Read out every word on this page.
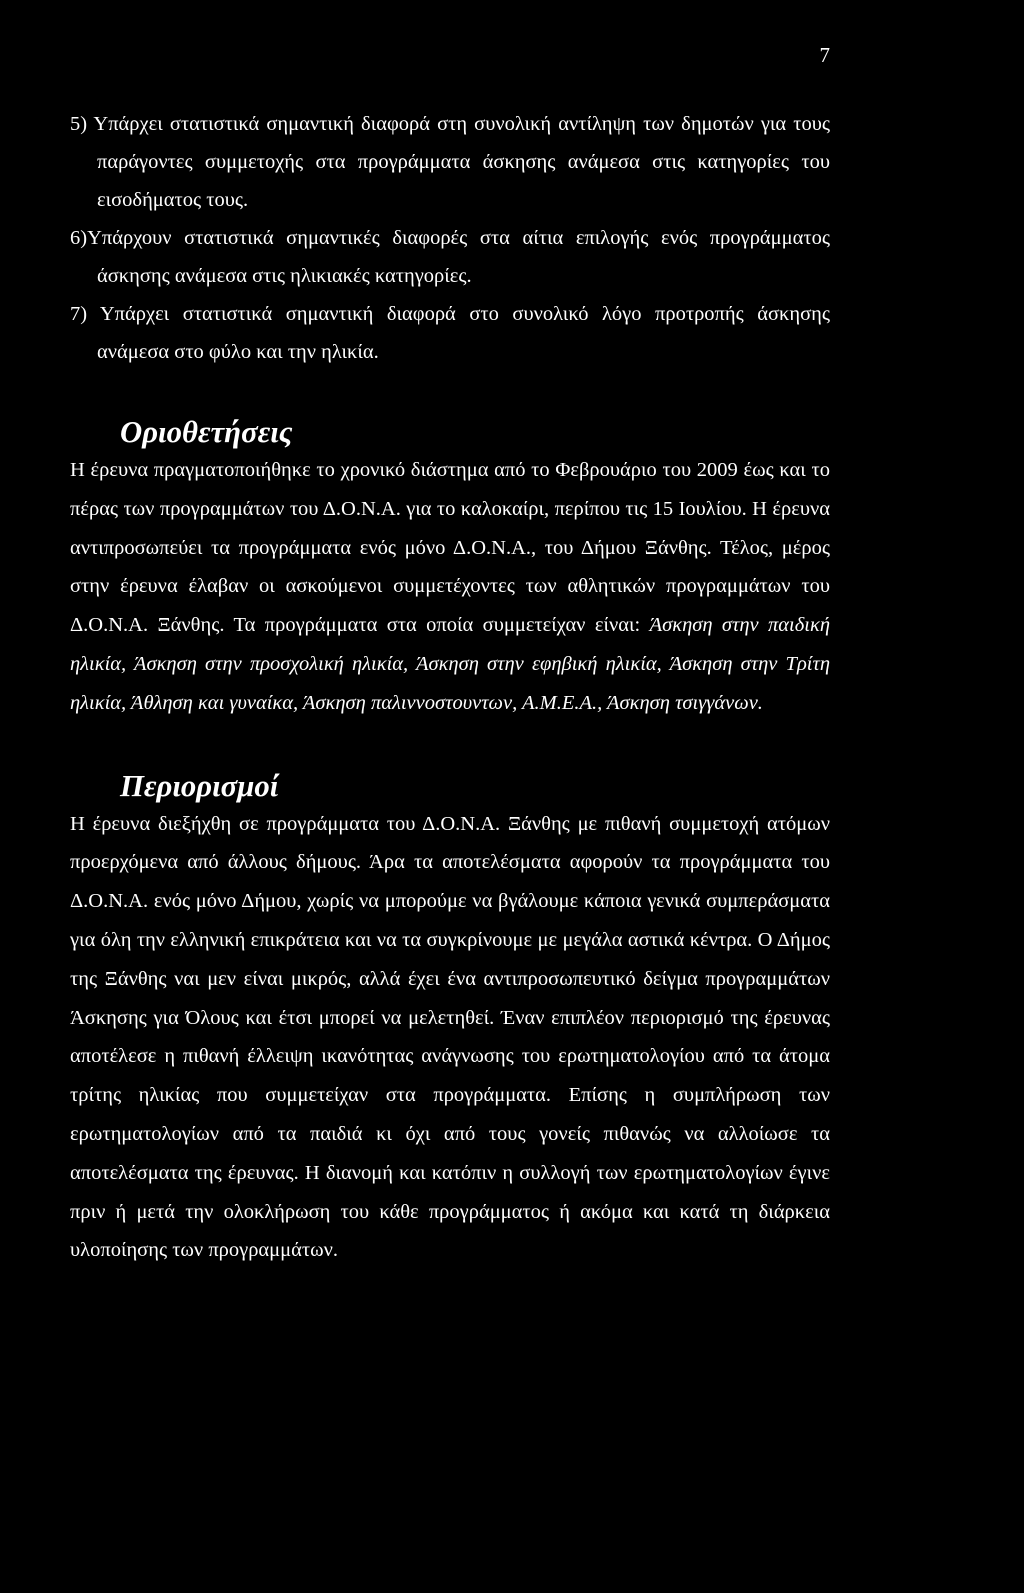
7

5) Υπάρχει στατιστικά σημαντική διαφορά στη συνολική αντίληψη των δημοτών για τους παράγοντες συμμετοχής στα προγράμματα άσκησης ανάμεσα στις κατηγορίες του εισοδήματος τους.

6)Υπάρχουν στατιστικά σημαντικές διαφορές στα αίτια επιλογής ενός προγράμματος άσκησης ανάμεσα στις ηλικιακές κατηγορίες.

7) Υπάρχει στατιστικά σημαντική διαφορά στο συνολικό λόγο προτροπής άσκησης ανάμεσα στο φύλο και την ηλικία.

Οριοθετήσεις

Η έρευνα πραγματοποιήθηκε το χρονικό διάστημα από το Φεβρουάριο του 2009 έως και το πέρας των προγραμμάτων του Δ.Ο.Ν.Α. για το καλοκαίρι, περίπου τις 15 Ιουλίου. Η έρευνα αντιπροσωπεύει τα προγράμματα ενός μόνο Δ.Ο.Ν.Α., του Δήμου Ξάνθης. Τέλος, μέρος στην έρευνα έλαβαν οι ασκούμενοι συμμετέχοντες των αθλητικών προγραμμάτων του Δ.Ο.Ν.Α. Ξάνθης. Τα προγράμματα στα οποία συμμετείχαν είναι: Άσκηση στην παιδική ηλικία, Άσκηση στην προσχολική ηλικία, Άσκηση στην εφηβική ηλικία, Άσκηση στην Τρίτη ηλικία, Άθληση και γυναίκα, Άσκηση παλιννοστουντων, Α.Μ.Ε.Α., Άσκηση τσιγγάνων.

Περιορισμοί

Η έρευνα διεξήχθη σε προγράμματα του Δ.Ο.Ν.Α. Ξάνθης με πιθανή συμμετοχή ατόμων προερχόμενα από άλλους δήμους. Άρα τα αποτελέσματα αφορούν τα προγράμματα του Δ.Ο.Ν.Α. ενός μόνο Δήμου, χωρίς να μπορούμε να βγάλουμε κάποια γενικά συμπεράσματα για όλη την ελληνική επικράτεια και να τα συγκρίνουμε με μεγάλα αστικά κέντρα. Ο Δήμος της Ξάνθης ναι μεν είναι μικρός, αλλά έχει ένα αντιπροσωπευτικό δείγμα προγραμμάτων Άσκησης για Όλους και έτσι μπορεί να μελετηθεί. Έναν επιπλέον περιορισμό της έρευνας αποτέλεσε η πιθανή έλλειψη ικανότητας ανάγνωσης του ερωτηματολογίου από τα άτομα τρίτης ηλικίας που συμμετείχαν στα προγράμματα. Επίσης η συμπλήρωση των ερωτηματολογίων από τα παιδιά κι όχι από τους γονείς πιθανώς να αλλοίωσε τα αποτελέσματα της έρευνας. Η διανομή και κατόπιν η συλλογή των ερωτηματολογίων έγινε πριν ή μετά την ολοκλήρωση του κάθε προγράμματος ή ακόμα και κατά τη διάρκεια υλοποίησης των προγραμμάτων.
